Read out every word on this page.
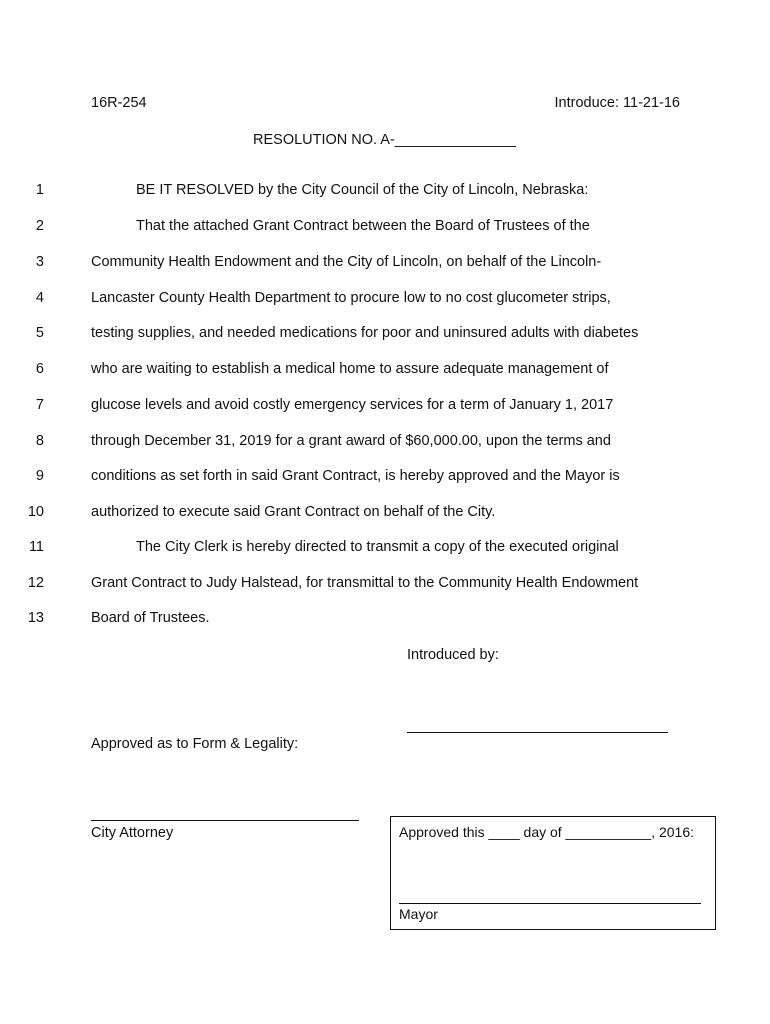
16R-254	Introduce: 11-21-16
RESOLUTION NO. A-_______________
1	BE IT RESOLVED by the City Council of the City of Lincoln, Nebraska:
2	That the attached Grant Contract between the Board of Trustees of the
3	Community Health Endowment and the City of Lincoln, on behalf of the Lincoln-
4	Lancaster County Health Department to procure low to no cost glucometer strips,
5	testing supplies, and needed medications for poor and uninsured adults with diabetes
6	who are waiting to establish a medical home to assure adequate management of
7	glucose levels and avoid costly emergency services for a term of January 1, 2017
8	through December 31, 2019 for a grant award of $60,000.00, upon the terms and
9	conditions as set forth in said Grant Contract, is hereby approved and the Mayor is
10	authorized to execute said Grant Contract on behalf of the City.
11	The City Clerk is hereby directed to transmit a copy of the executed original
12	Grant Contract to Judy Halstead, for transmittal to the Community Health Endowment
13	Board of Trustees.
Introduced by:
Approved as to Form & Legality:
City Attorney	Approved this ____ day of ___________, 2016:
Mayor
